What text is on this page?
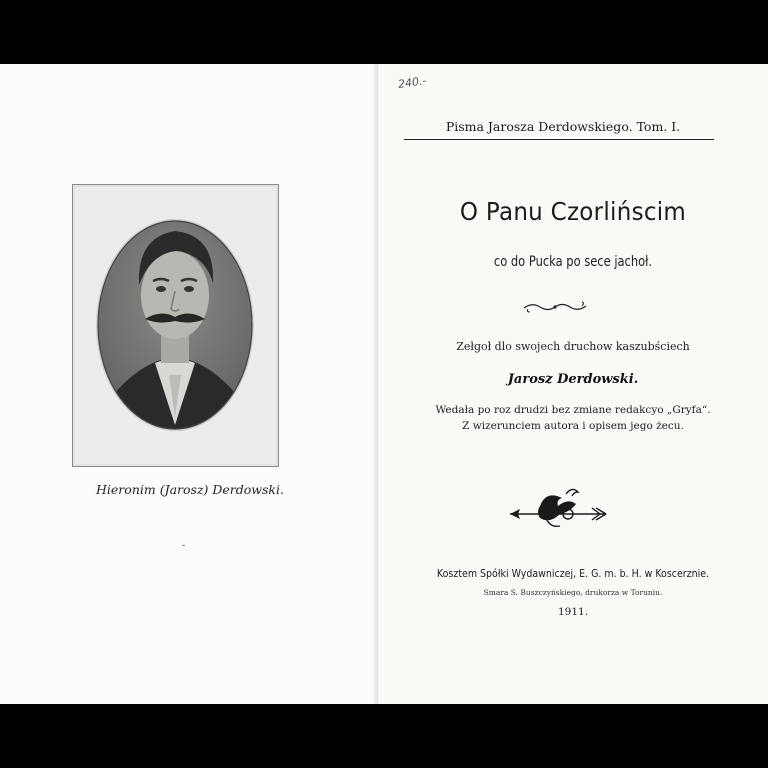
Hieronim (Jarosz) Derdowski.
˗
240.-
Pisma Jarosza Derdowskiego. Tom. I.
O Panu Czorlińscim
co do Pucka po sece jachoł.
Zełgoł dlo swojech druchow kaszubściech
Jarosz Derdowski.
Wedała po roz drudzi bez zmiane redakcyo „Gryfa“.
Z wizerunciem autora i opisem jego żecu.
Kosztem Spółki Wydawniczej, E. G. m. b. H. w Koscerznie.
Smara S. Buszczyńskiego, drukorza w Toruniu.
1911.
